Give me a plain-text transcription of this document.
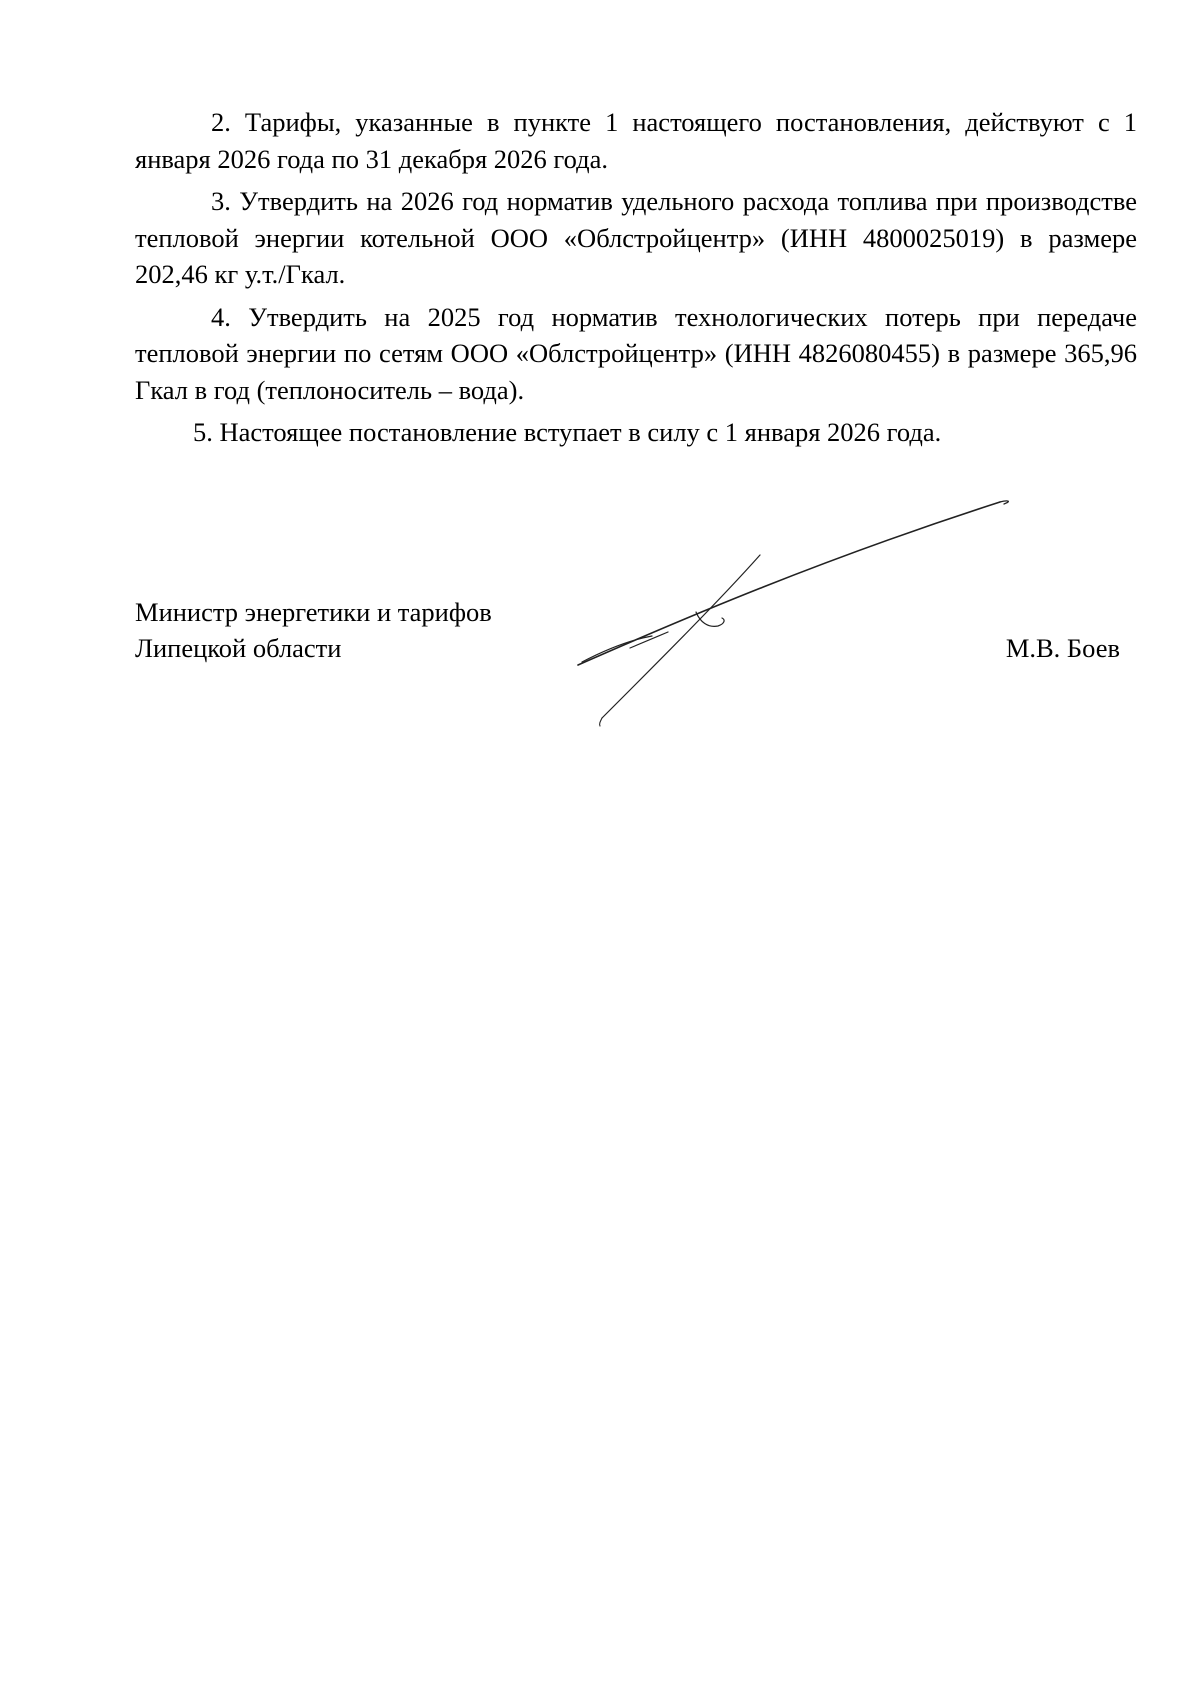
2. Тарифы, указанные в пункте 1 настоящего постановления, действуют с 1 января 2026 года по 31 декабря 2026 года.

3. Утвердить на 2026 год норматив удельного расхода топлива при производстве тепловой энергии котельной ООО «Облстройцентр» (ИНН 4800025019) в размере 202,46 кг у.т./Гкал.

4. Утвердить на 2025 год норматив технологических потерь при передаче тепловой энергии по сетям ООО «Облстройцентр» (ИНН 4826080455) в размере 365,96 Гкал в год (теплоноситель – вода).

5. Настоящее постановление вступает в силу с 1 января 2026 года.

Министр энергетики и тарифов
Липецкой области	М.В. Боев
